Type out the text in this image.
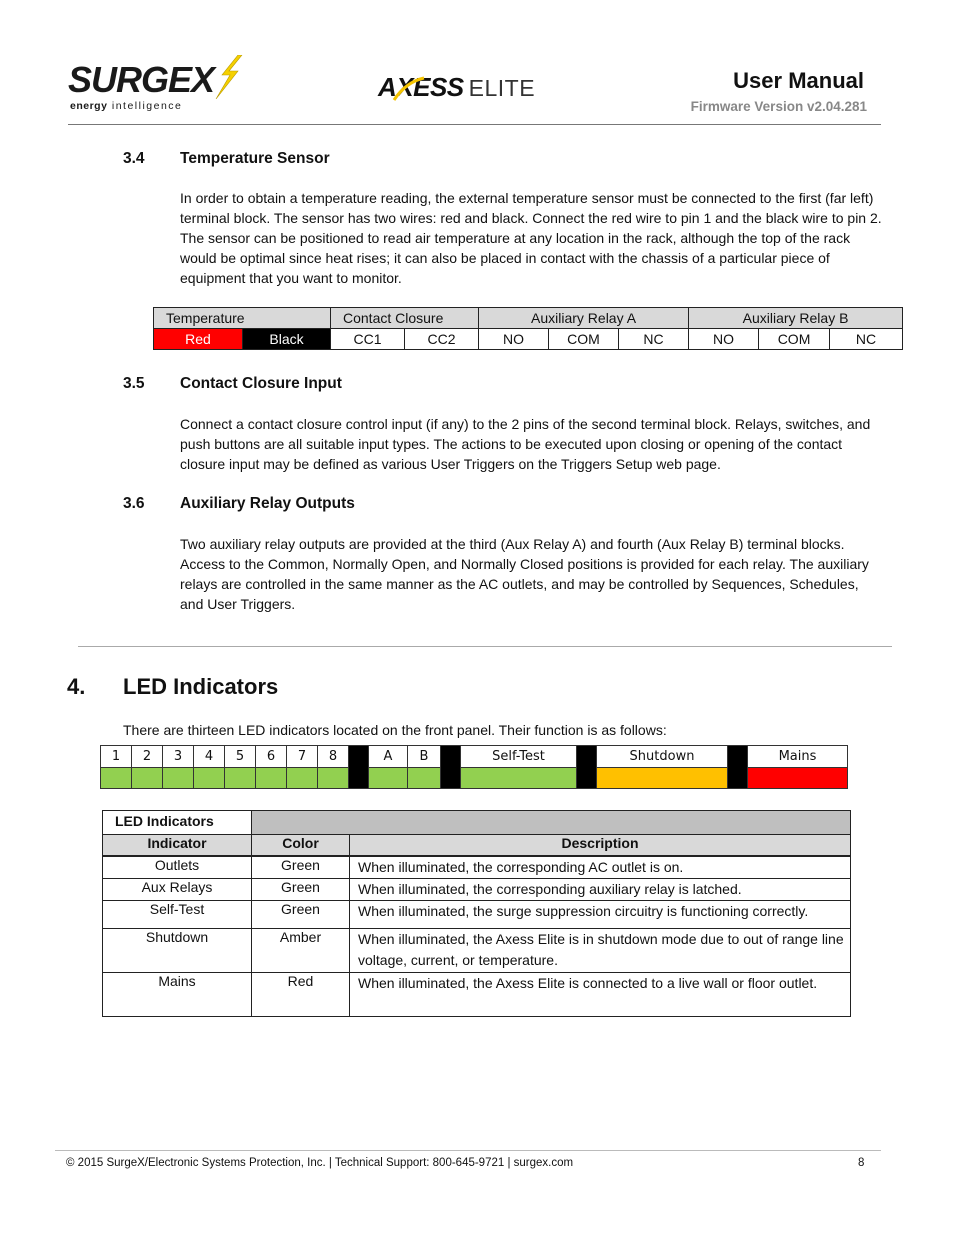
SURGEX
energy intelligence
AXESS ELITE	User Manual
Firmware Version v2.04.281
3.4 Temperature Sensor
In order to obtain a temperature reading, the external temperature sensor must be connected to the first (far left) terminal block. The sensor has two wires: red and black. Connect the red wire to pin 1 and the black wire to pin 2. The sensor can be positioned to read air temperature at any location in the rack, although the top of the rack would be optimal since heat rises; it can also be placed in contact with the chassis of a particular piece of equipment that you want to monitor.
Temperature		Contact Closure		Auxiliary Relay A			Auxiliary Relay B		
Red	Black	CC1	CC2	NO	COM	NC	NO	COM	NC
3.5 Contact Closure Input
Connect a contact closure control input (if any) to the 2 pins of the second terminal block. Relays, switches, and push buttons are all suitable input types. The actions to be executed upon closing or opening of the contact closure input may be defined as various User Triggers on the Triggers Setup web page.
3.6 Auxiliary Relay Outputs
Two auxiliary relay outputs are provided at the third (Aux Relay A) and fourth (Aux Relay B) terminal blocks. Access to the Common, Normally Open, and Normally Closed positions is provided for each relay. The auxiliary relays are controlled in the same manner as the AC outlets, and may be controlled by Sequences, Schedules, and User Triggers.
4. LED Indicators
There are thirteen LED indicators located on the front panel. Their function is as follows:
1	2	3	4	5	6	7	8		A	B		Self-Test		Shutdown		Mains

LED Indicators		
Indicator	Color	Description
Outlets	Green	When illuminated, the corresponding AC outlet is on.
Aux Relays	Green	When illuminated, the corresponding auxiliary relay is latched.
Self-Test	Green	When illuminated, the surge suppression circuitry is functioning correctly.
Shutdown	Amber	When illuminated, the Axess Elite is in shutdown mode due to out of range line voltage, current, or temperature.
Mains	Red	When illuminated, the Axess Elite is connected to a live wall or floor outlet.
© 2015 SurgeX/Electronic Systems Protection, Inc. | Technical Support: 800-645-9721 | surgex.com	8
